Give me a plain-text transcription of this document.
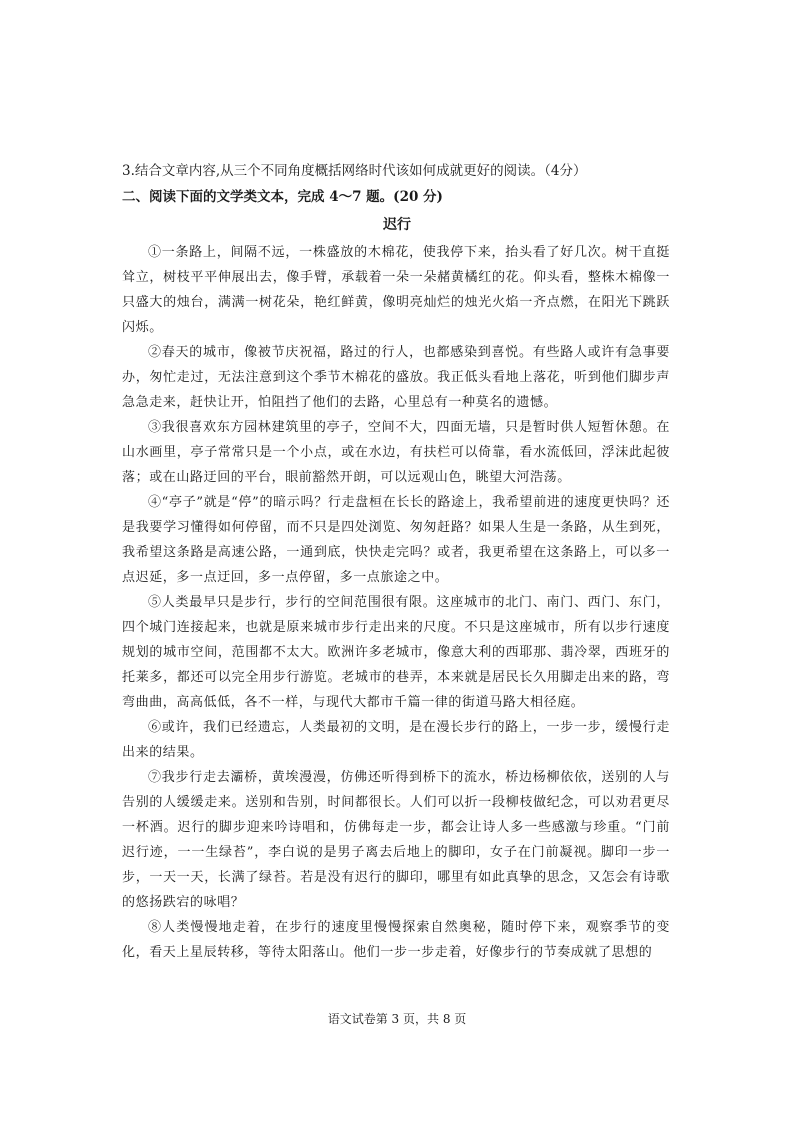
3.结合文章内容,从三个不同角度概括网络时代该如何成就更好的阅读。（4分）
二、阅读下面的文学类文本，完成 4～7 题。(20 分)
迟行

①一条路上，间隔不远，一株盛放的木棉花，使我停下来，抬头看了好几次。树干直挺耸立，树枝平平伸展出去，像手臂，承载着一朵一朵赭黄橘红的花。仰头看，整株木棉像一只盛大的烛台，满满一树花朵，艳红鲜黄，像明亮灿烂的烛光火焰一齐点燃，在阳光下跳跃闪烁。

②春天的城市，像被节庆祝福，路过的行人，也都感染到喜悦。有些路人或许有急事要办，匆忙走过，无法注意到这个季节木棉花的盛放。我正低头看地上落花，听到他们脚步声急急走来，赶快让开，怕阻挡了他们的去路，心里总有一种莫名的遗憾。

③我很喜欢东方园林建筑里的亭子，空间不大，四面无墙，只是暂时供人短暂休憩。在山水画里，亭子常常只是一个小点，或在水边，有扶栏可以倚靠，看水流低回，浮沫此起彼落；或在山路迂回的平台，眼前豁然开朗，可以远观山色，眺望大河浩荡。

④“亭子”就是“停”的暗示吗？行走盘桓在长长的路途上，我希望前进的速度更快吗？还是我要学习懂得如何停留，而不只是四处浏览、匆匆赶路？如果人生是一条路，从生到死，我希望这条路是高速公路，一通到底，快快走完吗？或者，我更希望在这条路上，可以多一点迟延，多一点迂回，多一点停留，多一点旅途之中。

⑤人类最早只是步行，步行的空间范围很有限。这座城市的北门、南门、西门、东门，四个城门连接起来，也就是原来城市步行走出来的尺度。不只是这座城市，所有以步行速度规划的城市空间，范围都不太大。欧洲许多老城市，像意大利的西耶那、翡冷翠，西班牙的托莱多，都还可以完全用步行游览。老城市的巷弄，本来就是居民长久用脚走出来的路，弯弯曲曲，高高低低，各不一样，与现代大都市千篇一律的街道马路大相径庭。

⑥或许，我们已经遗忘，人类最初的文明，是在漫长步行的路上，一步一步，缓慢行走出来的结果。

⑦我步行走去灞桥，黄埃漫漫，仿佛还听得到桥下的流水，桥边杨柳依依，送别的人与告别的人缓缓走来。送别和告别，时间都很长。人们可以折一段柳枝做纪念，可以劝君更尽一杯酒。迟行的脚步迎来吟诗唱和，仿佛每走一步，都会让诗人多一些感激与珍重。“门前迟行迹，一一生绿苔”，李白说的是男子离去后地上的脚印，女子在门前凝视。脚印一步一步，一天一天，长满了绿苔。若是没有迟行的脚印，哪里有如此真挚的思念，又怎会有诗歌的悠扬跌宕的咏唱？

⑧人类慢慢地走着，在步行的速度里慢慢探索自然奥秘，随时停下来，观察季节的变化，看天上星辰转移，等待太阳落山。他们一步一步走着，好像步行的节奏成就了思想的

语文试卷第 3 页，共 8 页
